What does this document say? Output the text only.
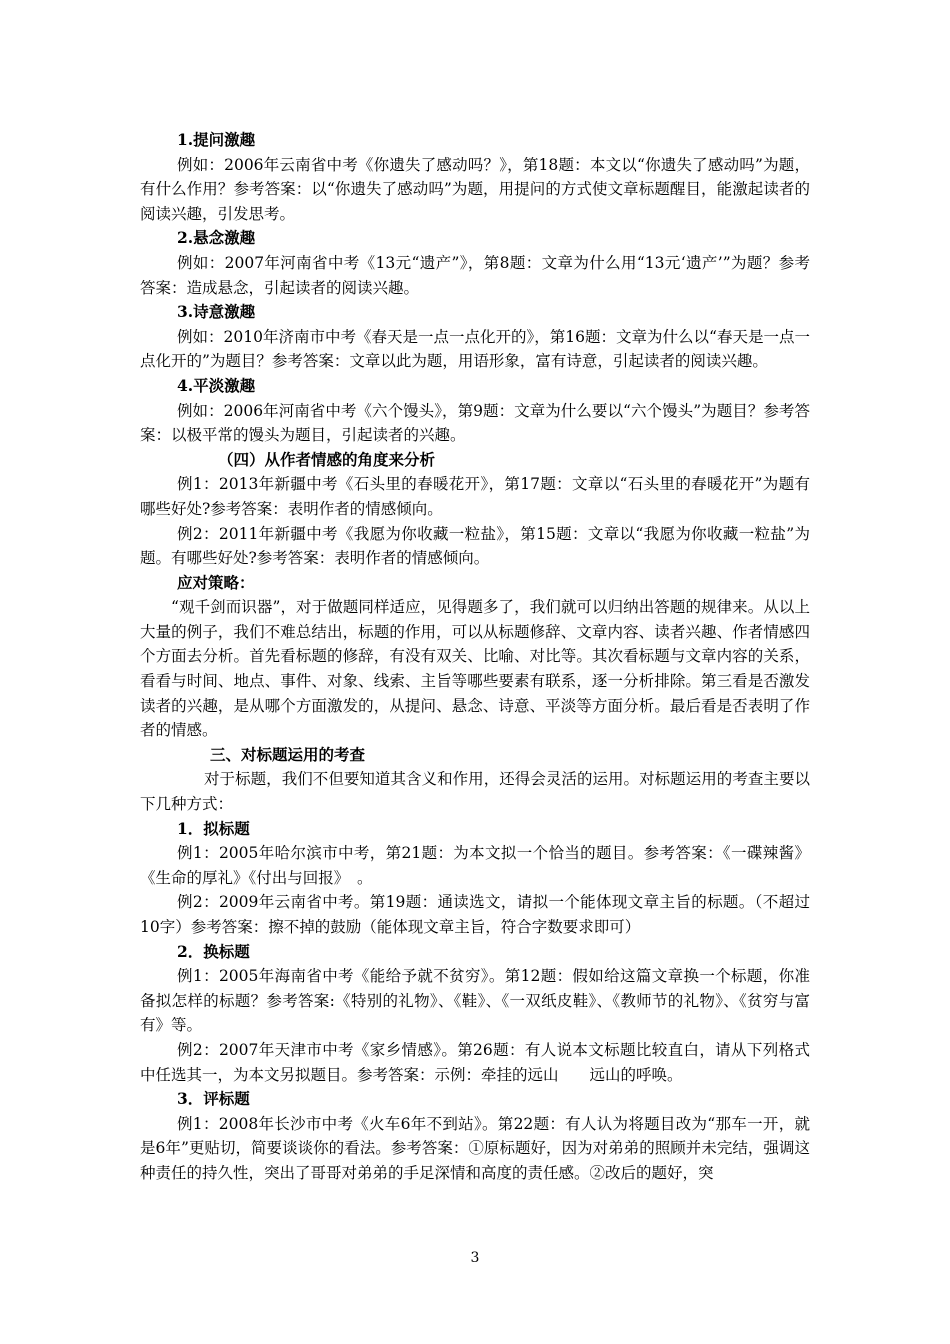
1.提问激趣

例如：2006年云南省中考《你遗失了感动吗？》，第18题：本文以“你遗失了感动吗”为题，有什么作用？参考答案：以“你遗失了感动吗”为题，用提问的方式使文章标题醒目，能激起读者的阅读兴趣，引发思考。

2.悬念激趣

例如：2007年河南省中考《13元“遗产”》，第8题：文章为什么用“13元‘遗产’”为题？参考答案：造成悬念，引起读者的阅读兴趣。

3.诗意激趣

例如：2010年济南市中考《春天是一点一点化开的》，第16题：文章为什么以“春天是一点一点化开的”为题目？参考答案：文章以此为题，用语形象，富有诗意，引起读者的阅读兴趣。

4.平淡激趣

例如：2006年河南省中考《六个馒头》，第9题：文章为什么要以“六个馒头”为题目？参考答案：以极平常的馒头为题目，引起读者的兴趣。

（四）从作者情感的角度来分析

例1：2013年新疆中考《石头里的春暖花开》，第17题：文章以“石头里的春暖花开”为题有哪些好处?参考答案：表明作者的情感倾向。

例2：2011年新疆中考《我愿为你收藏一粒盐》，第15题：文章以“我愿为你收藏一粒盐”为题。有哪些好处?参考答案：表明作者的情感倾向。

应对策略：

“观千剑而识器”，对于做题同样适应，见得题多了，我们就可以归纳出答题的规律来。从以上大量的例子，我们不难总结出，标题的作用，可以从标题修辞、文章内容、读者兴趣、作者情感四个方面去分析。首先看标题的修辞，有没有双关、比喻、对比等。其次看标题与文章内容的关系，看看与时间、地点、事件、对象、线索、主旨等哪些要素有联系，逐一分析排除。第三看是否激发读者的兴趣，是从哪个方面激发的，从提问、悬念、诗意、平淡等方面分析。最后看是否表明了作者的情感。

三、对标题运用的考查

对于标题，我们不但要知道其含义和作用，还得会灵活的运用。对标题运用的考查主要以下几种方式：

1．拟标题

例1：2005年哈尔滨市中考，第21题：为本文拟一个恰当的题目。参考答案：《一碟辣酱》《生命的厚礼》《付出与回报》　。

例2：2009年云南省中考。第19题：通读选文，请拟一个能体现文章主旨的标题。（不超过10字）参考答案：擦不掉的鼓励（能体现文章主旨，符合字数要求即可）

2．换标题

例1：2005年海南省中考《能给予就不贫穷》。第12题：假如给这篇文章换一个标题，你准备拟怎样的标题？参考答案:《特别的礼物》、《鞋》、《一双纸皮鞋》、《教师节的礼物》、《贫穷与富有》等。

例2：2007年天津市中考《家乡情感》。第26题：有人说本文标题比较直白，请从下列格式中任选其一，为本文另拟题目。参考答案：示例：牵挂的远山　　远山的呼唤。

3．评标题

例1：2008年长沙市中考《火车6年不到站》。第22题：有人认为将题目改为“那车一开，就是6年”更贴切，简要谈谈你的看法。参考答案：①原标题好，因为对弟弟的照顾并未完结，强调这种责任的持久性，突出了哥哥对弟弟的手足深情和高度的责任感。②改后的题好，突

3
